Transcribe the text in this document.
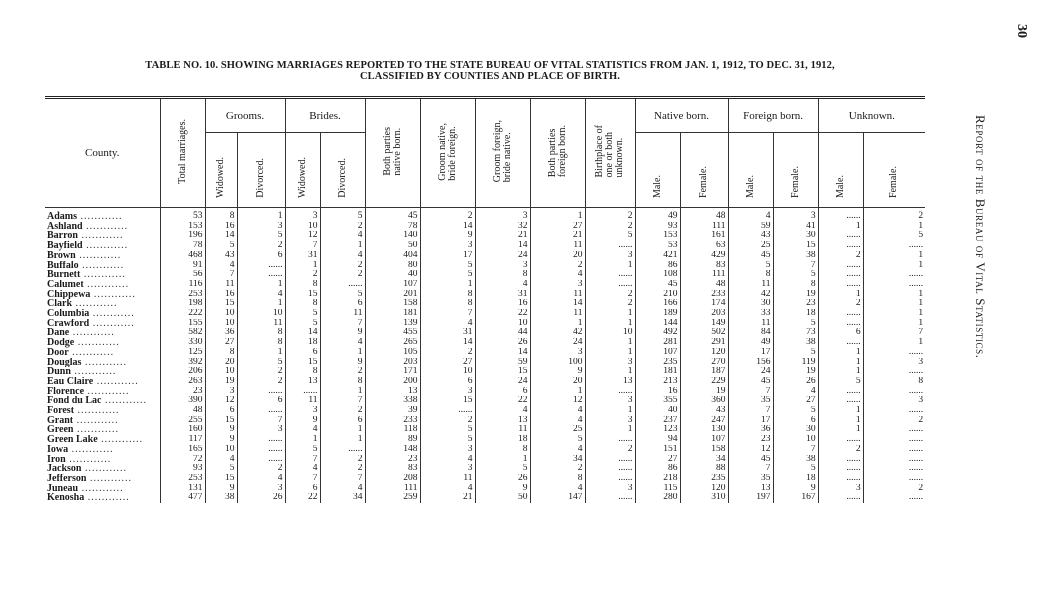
TABLE NO. 10. SHOWING MARRIAGES REPORTED TO THE STATE BUREAU OF VITAL STATISTICS FROM JAN. 1, 1912, TO DEC. 31, 1912,
CLASSIFIED BY COUNTIES AND PLACE OF BIRTH.
30
Report of the Bureau of Vital Statistics.
County.	Total marriages.	Grooms.		Brides.		Both parties
native born.	Groom native,
bride foreign.	Groom foreign,
bride native.	Both parties
foreign born.	Birthplace of
one or both
unknown.	Native born.		Foreign born.		Unknown.	
		Widowed.	Divorced.	Widowed.	Divorced.						Male.	Female.	Male.	Female.	Male.	Female.
Adams ............	53	8	1	3	5	45	2	3	1	2	49	48	4	3	......	2
Ashland ............	153	16	3	10	2	78	14	32	27	2	93	111	59	41	1	1
Barron ............	196	14	5	12	4	140	9	21	21	5	153	161	43	30	......	5
Bayfield ............	78	5	2	7	1	50	3	14	11	......	53	63	25	15	......	......
Brown ............	468	43	6	31	4	404	17	24	20	3	421	429	45	38	2	1
Buffalo ............	91	4	......	1	2	80	5	3	2	1	86	83	5	7	......	1
Burnett ............	56	7	......	2	2	40	5	8	4	......	108	111	8	5	......	......
Calumet ............	116	11	1	8	......	107	1	4	3	......	45	48	11	8	......	......
Chippewa ............	253	16	4	15	5	201	8	31	11	2	210	233	42	19	1	1
Clark ............	198	15	1	8	6	158	8	16	14	2	166	174	30	23	2	1
Columbia ............	222	10	10	5	11	181	7	22	11	1	189	203	33	18	......	1
Crawford ............	155	10	11	5	7	139	4	10	1	1	144	149	11	5	......	1
Dane ............	582	36	8	14	9	455	31	44	42	10	492	502	84	73	6	7
Dodge ............	330	27	8	18	4	265	14	26	24	1	281	291	49	38	......	1
Door ............	125	8	1	6	1	105	2	14	3	1	107	120	17	5	1	......
Douglas ............	392	20	5	15	9	203	27	59	100	3	235	270	156	119	1	3
Dunn ............	206	10	2	8	2	171	10	15	9	1	181	187	24	19	1	......
Eau Claire ............	263	19	2	13	8	200	6	24	20	13	213	229	45	26	5	8
Florence ............	23	3	......	......	1	13	3	6	1	......	16	19	7	4	......	......
Fond du Lac ............	390	12	6	11	7	338	15	22	12	3	355	360	35	27	......	3
Forest ............	48	6	......	3	2	39	......	4	4	1	40	43	7	5	1	......
Grant ............	255	15	7	9	6	233	2	13	4	3	237	247	17	6	1	2
Green ............	160	9	3	4	1	118	5	11	25	1	123	130	36	30	1	......
Green Lake ............	117	9	......	1	1	89	5	18	5	......	94	107	23	10	......	......
Iowa ............	165	10	......	5	......	148	3	8	4	2	151	158	12	7	2	......
Iron ............	72	4	......	7	2	23	4	1	34	......	27	34	45	38	......	......
Jackson ............	93	5	2	4	2	83	3	5	2	......	86	88	7	5	......	......
Jefferson ............	253	15	4	7	7	208	11	26	8	......	218	235	35	18	......	......
Juneau ............	131	9	3	6	4	111	4	9	4	3	115	120	13	9	3	2
Kenosha ............	477	38	26	22	34	259	21	50	147	......	280	310	197	167	......	......
